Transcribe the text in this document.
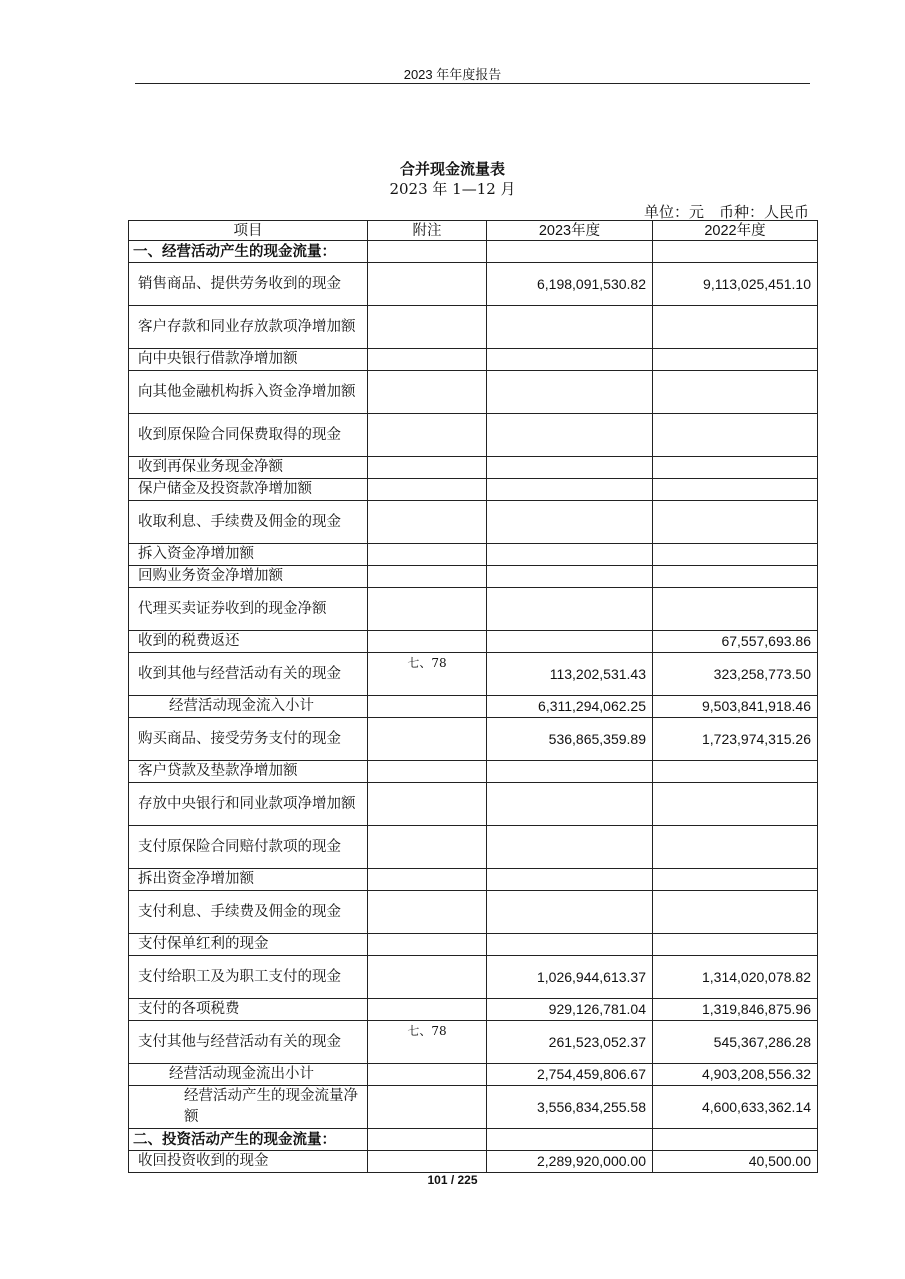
2023 年年度报告
合并现金流量表
2023 年 1—12 月
单位：元　币种：人民币
项目	附注	2023年度	2022年度
一、经营活动产生的现金流量：			
销售商品、提供劳务收到的现金		6,198,091,530.82	9,113,025,451.10
客户存款和同业存放款项净增加额			
向中央银行借款净增加额			
向其他金融机构拆入资金净增加额			
收到原保险合同保费取得的现金			
收到再保业务现金净额			
保户储金及投资款净增加额			
收取利息、手续费及佣金的现金			
拆入资金净增加额			
回购业务资金净增加额			
代理买卖证券收到的现金净额			
收到的税费返还			67,557,693.86
收到其他与经营活动有关的现金	七、78	113,202,531.43	323,258,773.50
经营活动现金流入小计		6,311,294,062.25	9,503,841,918.46
购买商品、接受劳务支付的现金		536,865,359.89	1,723,974,315.26
客户贷款及垫款净增加额			
存放中央银行和同业款项净增加额			
支付原保险合同赔付款项的现金			
拆出资金净增加额			
支付利息、手续费及佣金的现金			
支付保单红利的现金			
支付给职工及为职工支付的现金		1,026,944,613.37	1,314,020,078.82
支付的各项税费		929,126,781.04	1,319,846,875.96
支付其他与经营活动有关的现金	七、78	261,523,052.37	545,367,286.28
经营活动现金流出小计		2,754,459,806.67	4,903,208,556.32
经营活动产生的现金流量净额		3,556,834,255.58	4,600,633,362.14
二、投资活动产生的现金流量：			
收回投资收到的现金		2,289,920,000.00	40,500.00
101 / 225
